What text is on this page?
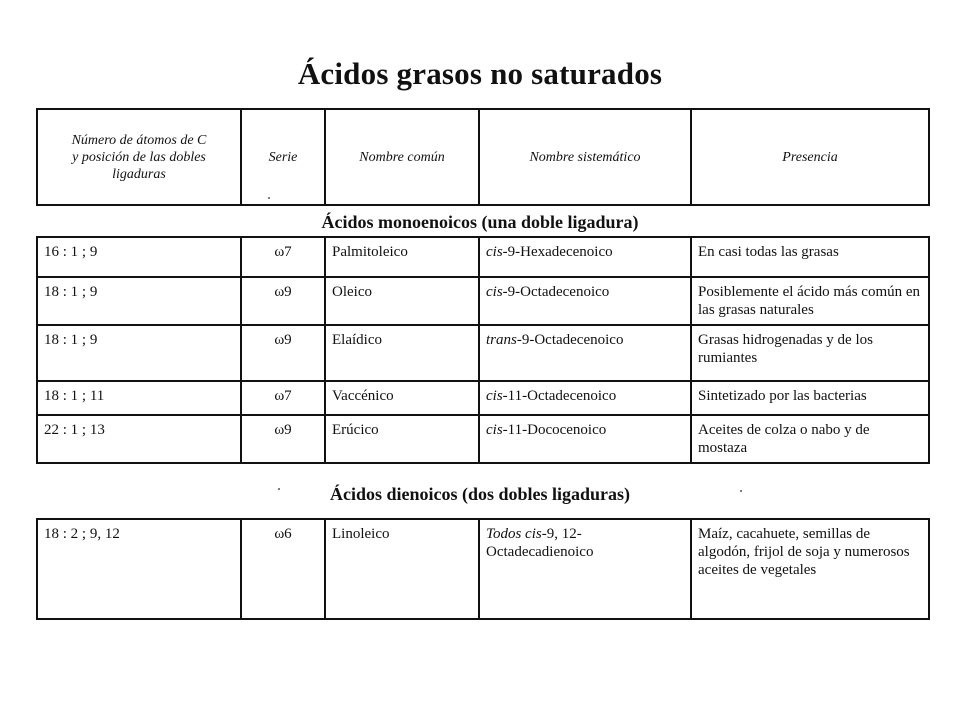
Ácidos grasos no saturados
Número de átomos de C
y posición de las dobles ligaduras	Serie	Nombre común	Nombre sistemático	Presencia
Ácidos monoenoicos (una doble ligadura)
16 : 1 ; 9	ω7	Palmitoleico	cis-9-Hexadecenoico	En casi todas las grasas
18 : 1 ; 9	ω9	Oleico	cis-9-Octadecenoico	Posiblemente el ácido más común en las grasas naturales
18 : 1 ; 9	ω9	Elaídico	trans-9-Octadecenoico	Grasas hidrogenadas y de los rumiantes
18 : 1 ; 11	ω7	Vaccénico	cis-11-Octadecenoico	Sintetizado por las bacterias
22 : 1 ; 13	ω9	Erúcico	cis-11-Dococenoico	Aceites de colza o nabo y de mostaza
Ácidos dienoicos (dos dobles ligaduras)
18 : 2 ; 9, 12	ω6	Linoleico	Todos cis-9, 12-Octadecadienoico	Maíz, cacahuete, semillas de algodón, frijol de soja y numerosos aceites de vegetales
